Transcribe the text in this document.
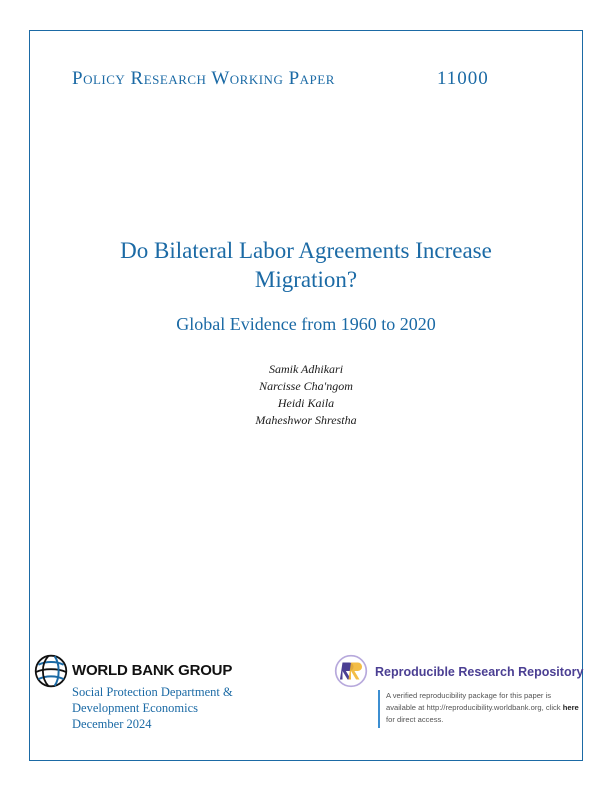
Policy Research Working Paper	11000
Do Bilateral Labor Agreements Increase
Migration?
Global Evidence from 1960 to 2020
Samik Adhikari
Narcisse Cha'ngom
Heidi Kaila
Maheshwor Shrestha
WORLD BANK GROUP
Social Protection Department &
Development Economics
December 2024
Reproducible Research Repository
A verified reproducibility package for this paper is available at http://reproducibility.worldbank.org, click here for direct access.
